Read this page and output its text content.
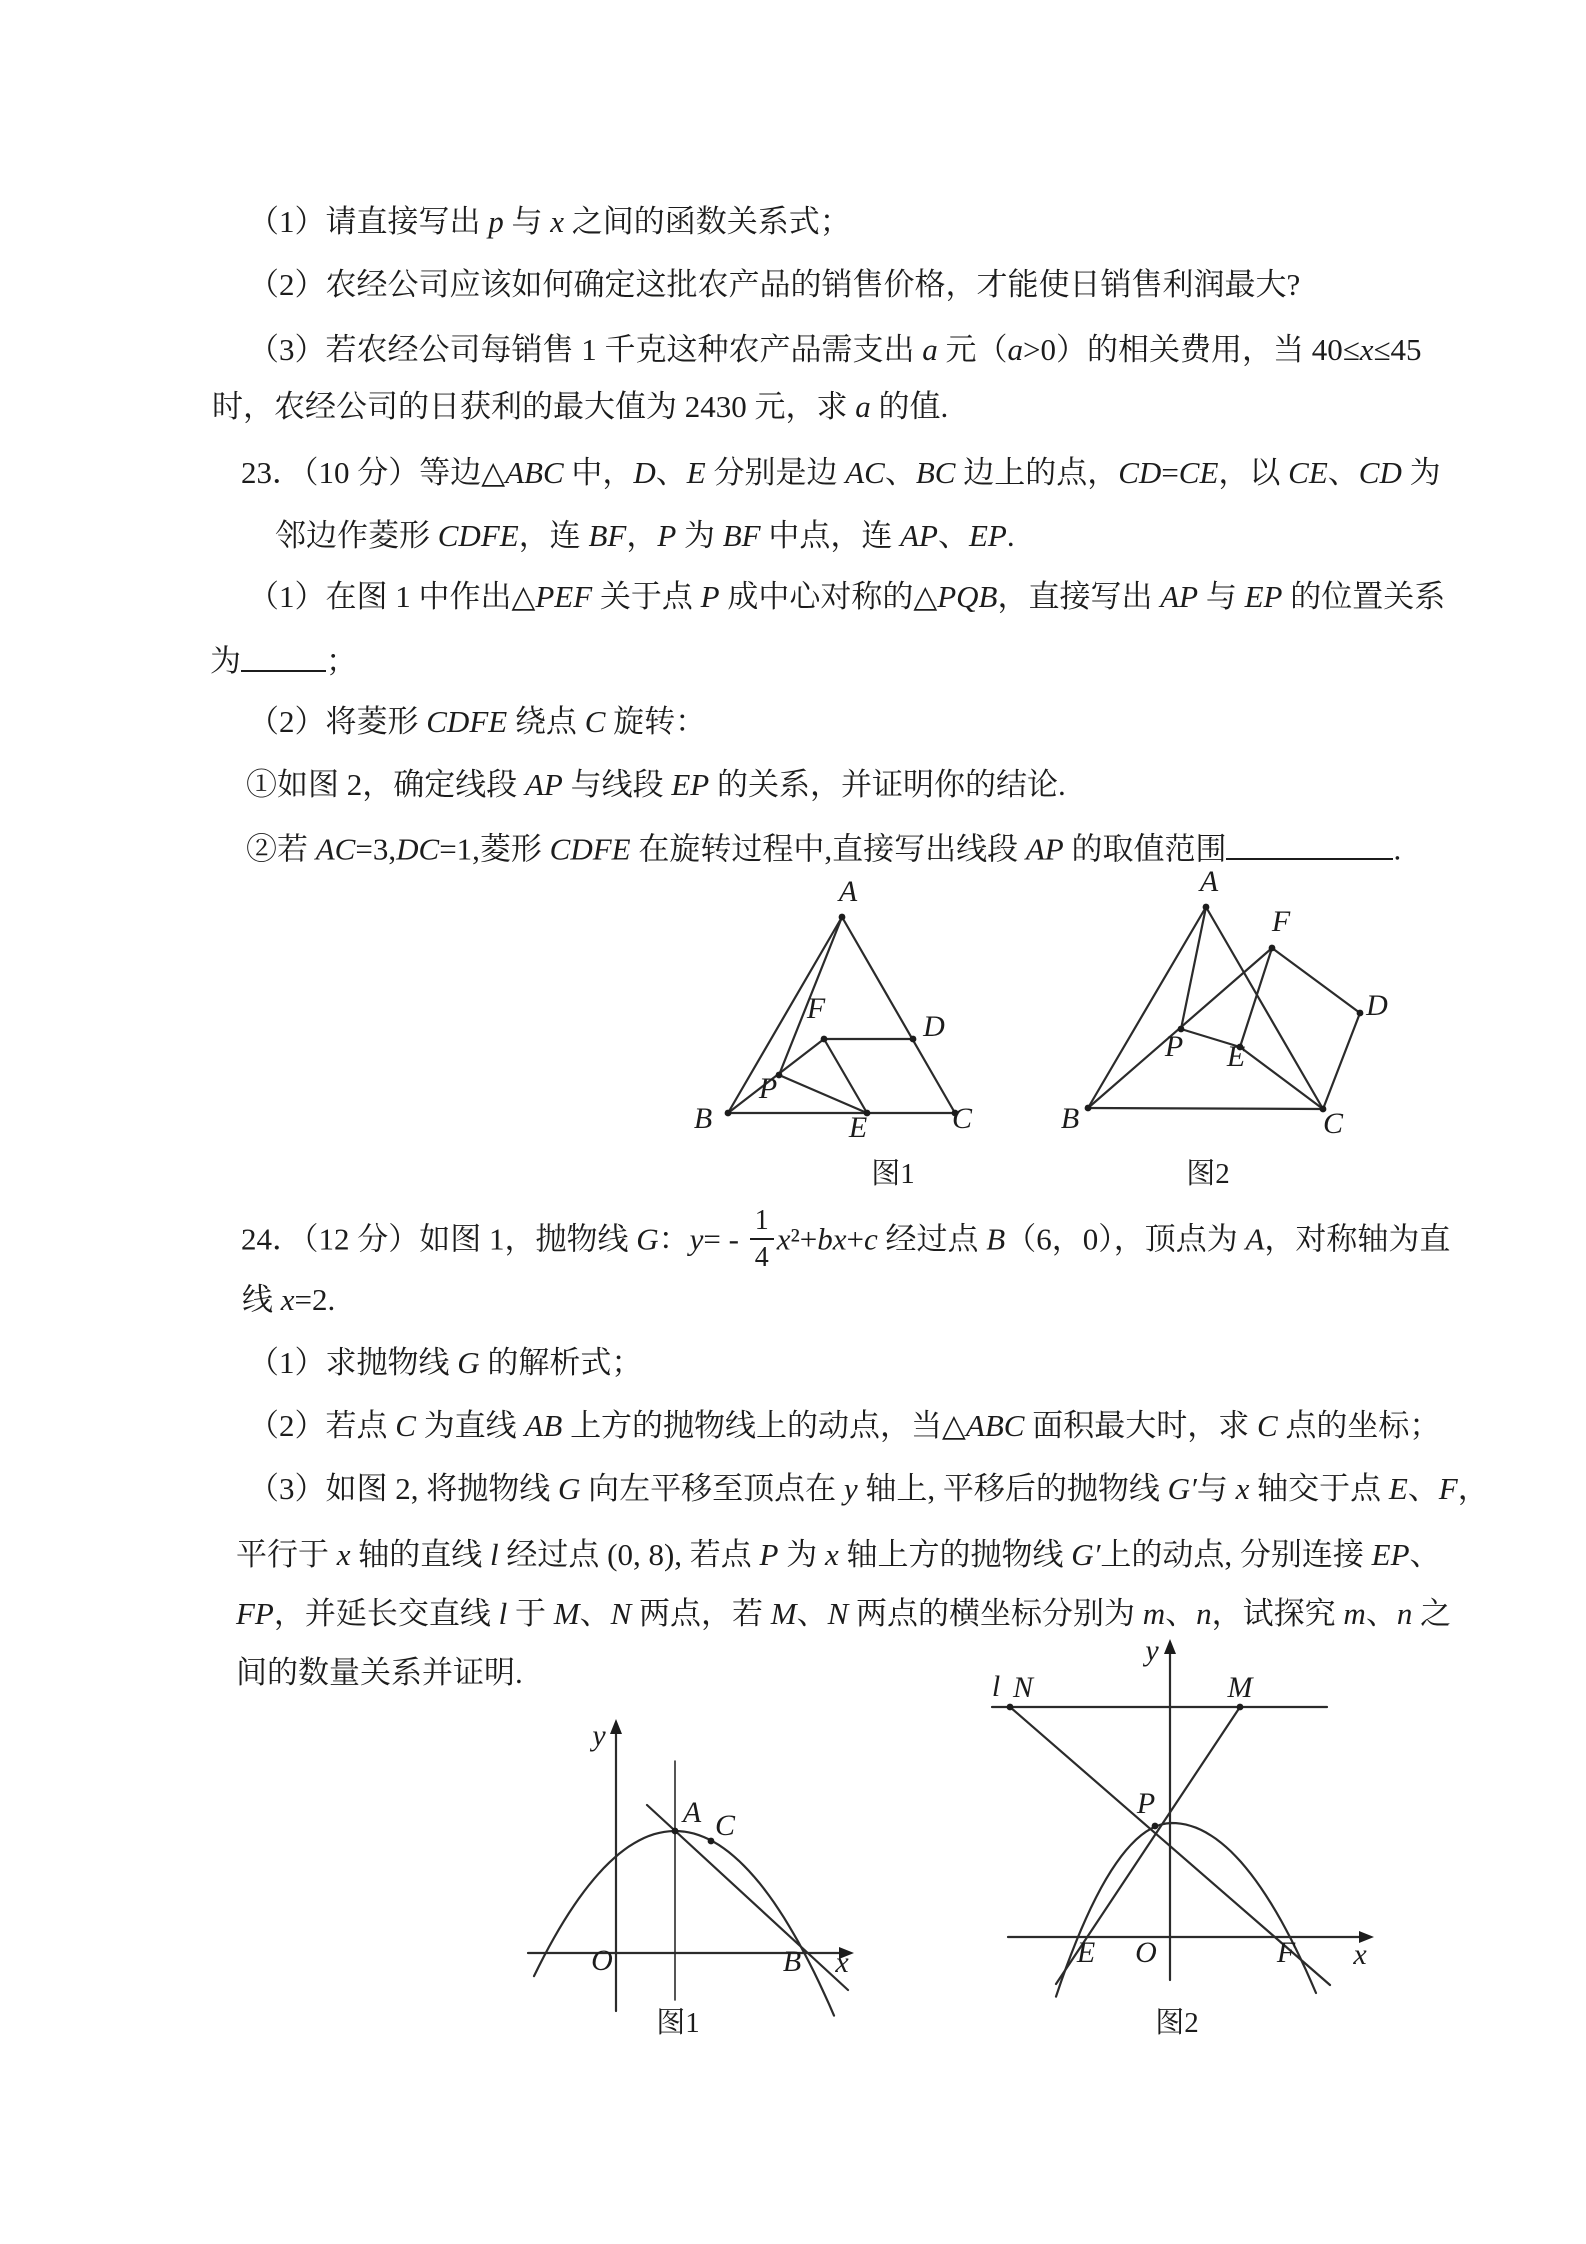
（1）请直接写出 p 与 x 之间的函数关系式；
（2）农经公司应该如何确定这批农产品的销售价格，才能使日销售利润最大?
（3）若农经公司每销售 1 千克这种农产品需支出 a 元（a>0）的相关费用，当 40≤x≤45
时，农经公司的日获利的最大值为 2430 元，求 a 的值.
23．（10 分）等边△ABC 中，D、E 分别是边 AC、BC 边上的点，CD=CE，以 CE、CD 为
邻边作菱形 CDFE，连 BF，P 为 BF 中点，连 AP、EP.
（1）在图 1 中作出△PEF 关于点 P 成中心对称的△PQB，直接写出 AP 与 EP 的位置关系
为	；
（2）将菱形 CDFE 绕点 C 旋转：
①如图 2，确定线段 AP 与线段 EP 的关系，并证明你的结论.
②若 AC=3,DC=1,菱形 CDFE 在旋转过程中,直接写出线段 AP 的取值范围	.
24．（12 分）如图 1，抛物线 G：$y= - \frac{1}{4} x^2+bx+c$ 经过点 B（6，0），顶点为 A，对称轴为直
线 x=2.
（1）求抛物线 G 的解析式；
（2）若点 C 为直线 AB 上方的抛物线上的动点，当△ABC 面积最大时，求 C 点的坐标；
（3）如图 2, 将抛物线 G 向左平移至顶点在 y 轴上, 平移后的抛物线 G′与 x 轴交于点 E、F，
平行于 x 轴的直线 l 经过点 (0, 8), 若点 P 为 x 轴上方的抛物线 G′上的动点, 分别连接 EP、
FP，并延长交直线 l 于 M、N 两点，若 M、N 两点的横坐标分别为 m、n，试探究 m、n 之
间的数量关系并证明.
A
B	C
D
F
E
P
图1
A
F
D
P E
B	C
图2
y
x
O
A C
B
图1
y
x
O
E	F
P
M
N
l
图2
